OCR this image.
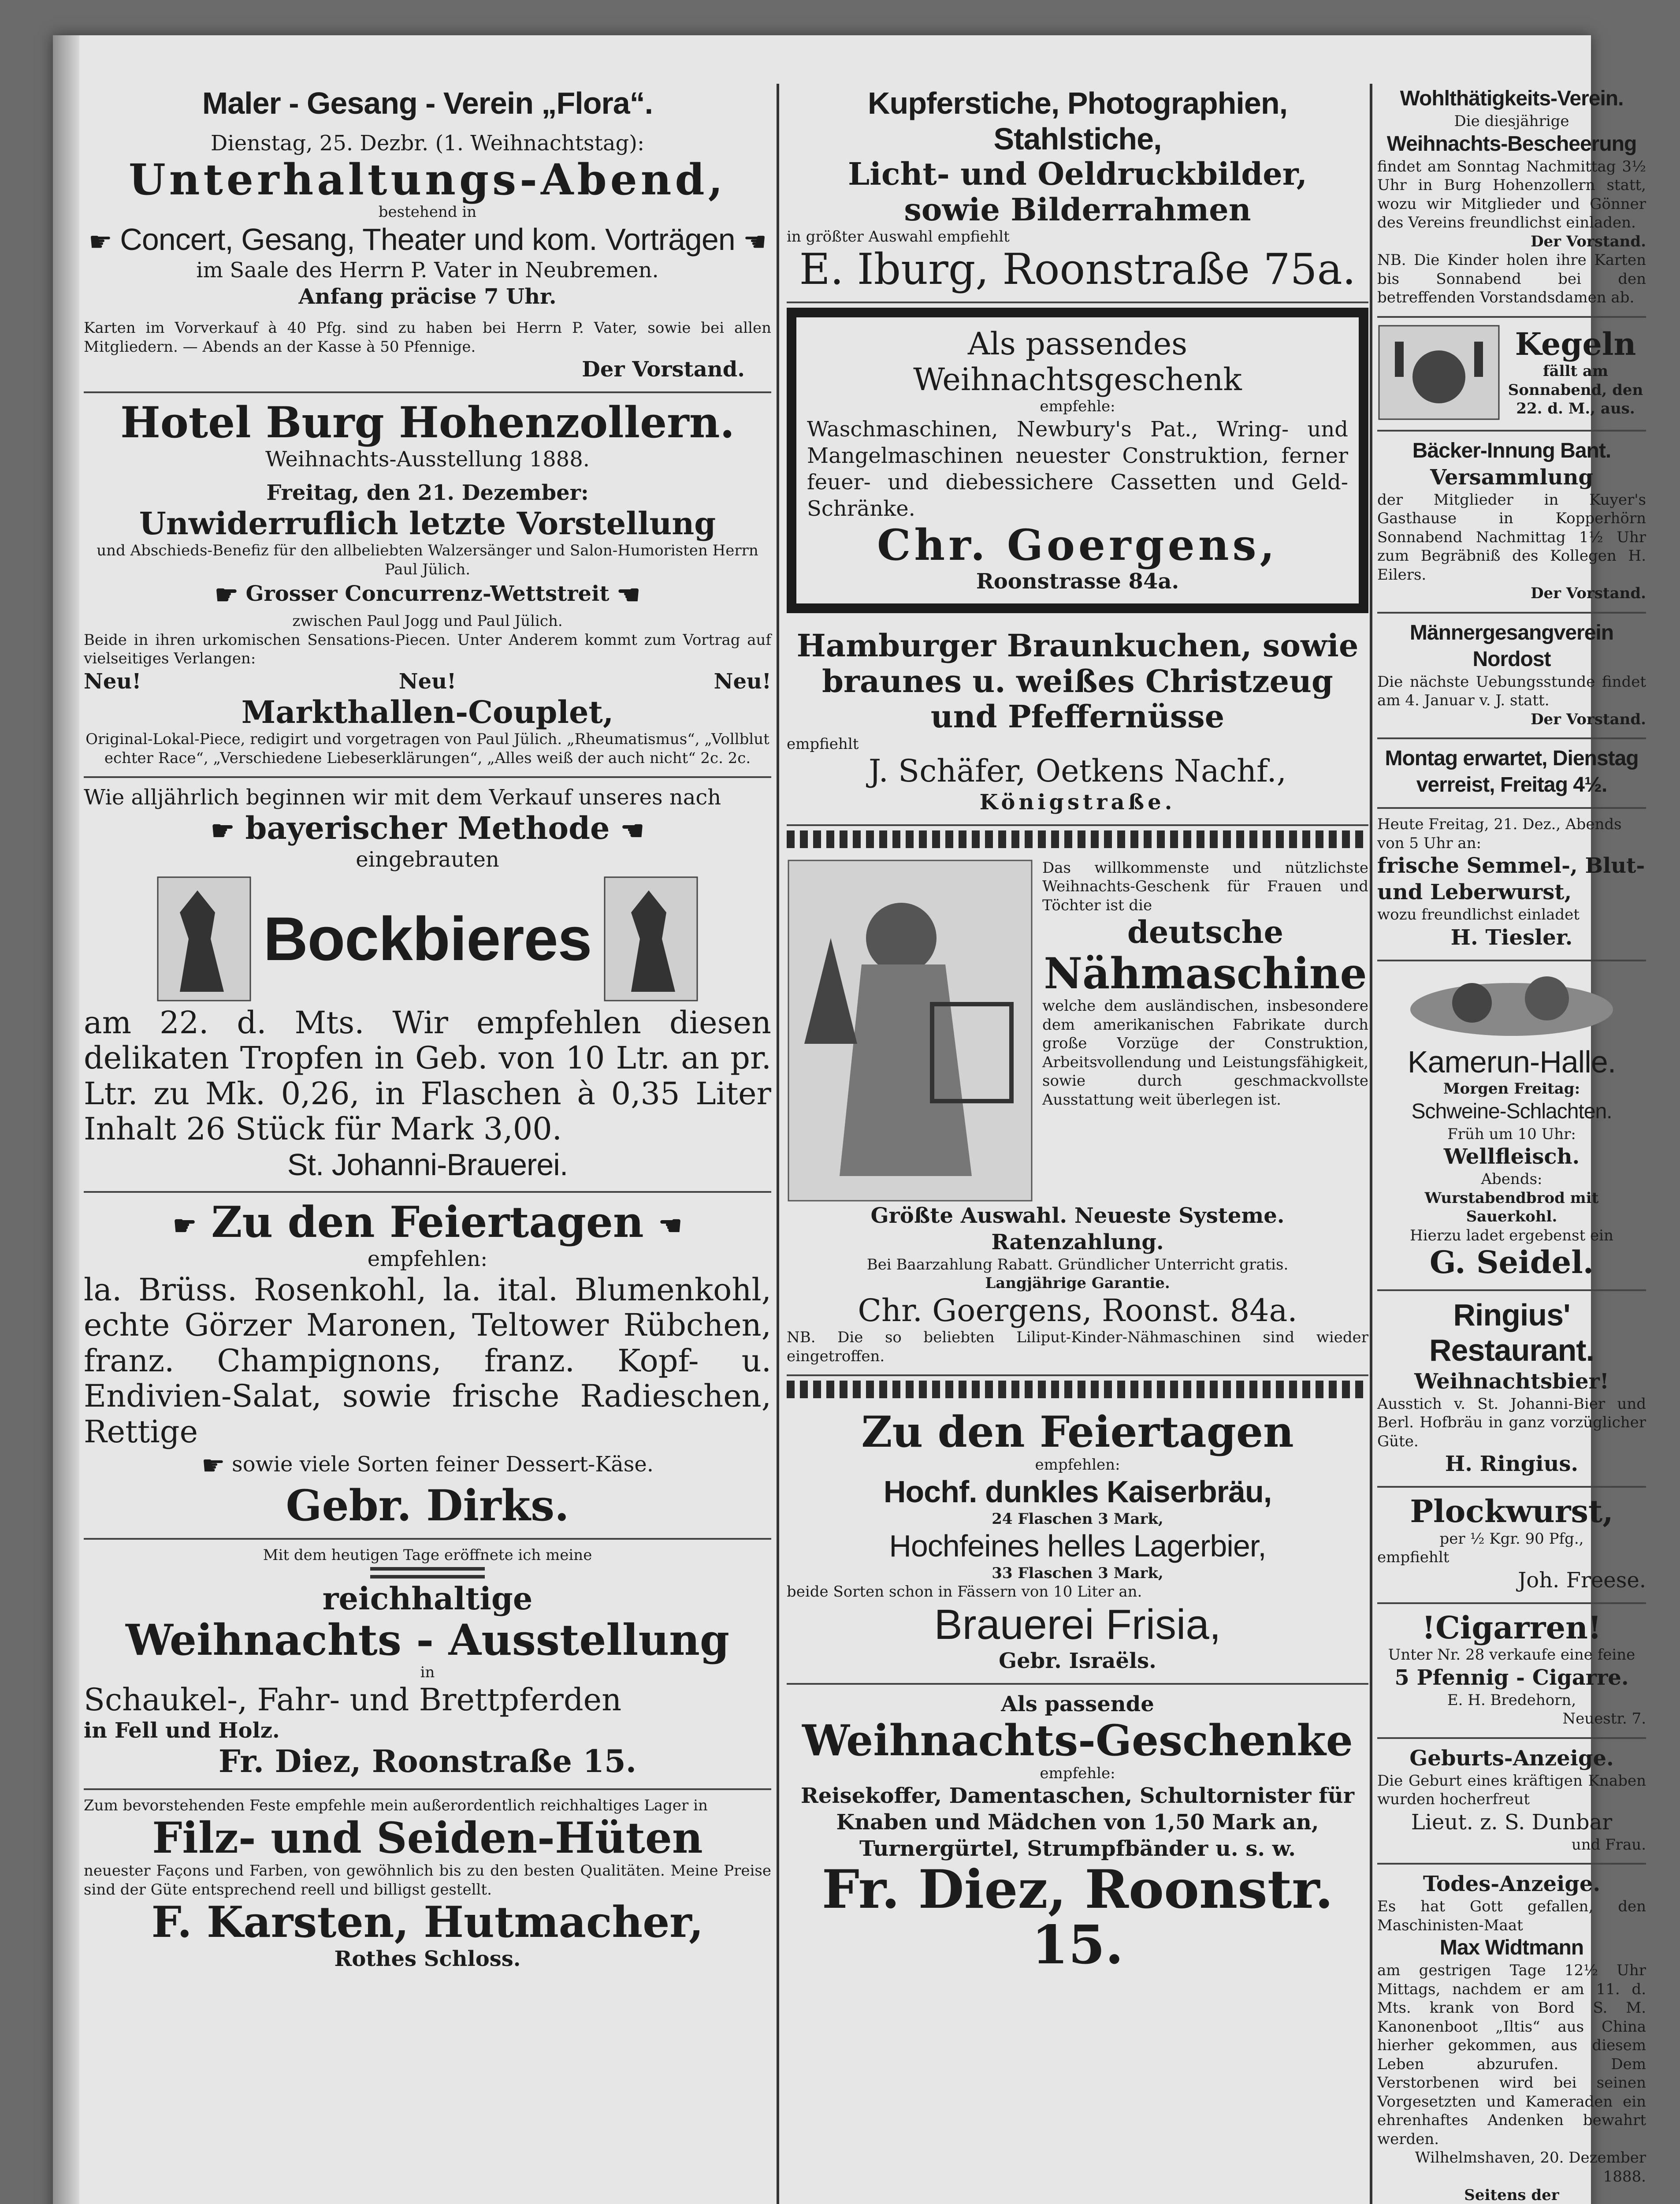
Maler - Gesang - Verein „Flora“.
Dienstag, 25. Dezbr. (1. Weihnachtstag):
Unterhaltungs-Abend,
bestehend in
☛ Concert, Gesang, Theater und kom. Vorträgen ☚
im Saale des Herrn P. Vater in Neubremen.
Anfang präcise 7 Uhr.
Karten im Vorverkauf à 40 Pfg. sind zu haben bei Herrn P. Vater, sowie bei allen Mitgliedern. — Abends an der Kasse à 50 Pfennige.
Der Vorstand.
Hotel Burg Hohenzollern.
Weihnachts-Ausstellung 1888.
Freitag, den 21. Dezember:
Unwiderruflich letzte Vorstellung
und Abschieds-Benefiz für den allbeliebten Walzersänger und Salon-Humoristen Herrn Paul Jülich.
☛ Grosser Concurrenz-Wettstreit ☚
zwischen Paul Jogg und Paul Jülich.
Beide in ihren urkomischen Sensations-Piecen. Unter Anderem kommt zum Vortrag auf vielseitiges Verlangen:
Neu!	Neu!	Neu!
Markthallen-Couplet,
Original-Lokal-Piece, redigirt und vorgetragen von Paul Jülich. „Rheumatismus“, „Vollblut echter Race“, „Verschiedene Liebeserklärungen“, „Alles weiß der auch nicht“ 2c. 2c.
Wie alljährlich beginnen wir mit dem Verkauf unseres nach
☛ bayerischer Methode ☚
eingebrauten
Bockbieres
am 22. d. Mts. Wir empfehlen diesen delikaten Tropfen in Geb. von 10 Ltr. an pr. Ltr. zu Mk. 0,26, in Flaschen à 0,35 Liter Inhalt 26 Stück für Mark 3,00.
St. Johanni-Brauerei.
☛ Zu den Feiertagen ☚
empfehlen:
la. Brüss. Rosenkohl, la. ital. Blumenkohl, echte Görzer Maronen, Teltower Rübchen, franz. Champignons, franz. Kopf- u. Endivien-Salat, sowie frische Radieschen, Rettige
☛ sowie viele Sorten feiner Dessert-Käse.
Gebr. Dirks.
Mit dem heutigen Tage eröffnete ich meine
reichhaltige
Weihnachts - Ausstellung
in
Schaukel-, Fahr- und Brettpferden
in Fell und Holz.
Fr. Diez, Roonstraße 15.
Zum bevorstehenden Feste empfehle mein außerordentlich reichhaltiges Lager in
Filz- und Seiden-Hüten
neuester Façons und Farben, von gewöhnlich bis zu den besten Qualitäten. Meine Preise sind der Güte entsprechend reell und billigst gestellt.
F. Karsten, Hutmacher,
Rothes Schloss.
Kupferstiche, Photographien, Stahlstiche,
Licht- und Oeldruckbilder,
sowie Bilderrahmen
in größter Auswahl empfiehlt
E. Iburg, Roonstraße 75a.
Als passendes Weihnachtsgeschenk
empfehle:
Waschmaschinen, Newbury's Pat., Wring- und Mangelmaschinen neuester Construktion, ferner feuer- und diebessichere Cassetten und Geld-Schränke.
Chr. Goergens,
Roonstrasse 84a.
Hamburger Braunkuchen, sowie braunes u. weißes Christzeug und Pfeffernüsse
empfiehlt
J. Schäfer, Oetkens Nachf.,
Königstraße.
Das willkommenste und nützlichste Weihnachts-Geschenk für Frauen und Töchter ist die
deutsche
Nähmaschine
welche dem ausländischen, insbesondere dem amerikanischen Fabrikate durch große Vorzüge der Construktion, Arbeitsvollendung und Leistungsfähigkeit, sowie durch geschmackvollste Ausstattung weit überlegen ist.
Größte Auswahl. Neueste Systeme.
Ratenzahlung.
Bei Baarzahlung Rabatt. Gründlicher Unterricht gratis.
Langjährige Garantie.
Chr. Goergens, Roonst. 84a.
NB. Die so beliebten Liliput-Kinder-Nähmaschinen sind wieder eingetroffen.
Zu den Feiertagen
empfehlen:
Hochf. dunkles Kaiserbräu,
24 Flaschen 3 Mark,
Hochfeines helles Lagerbier,
33 Flaschen 3 Mark,
beide Sorten schon in Fässern von 10 Liter an.
Brauerei Frisia,
Gebr. Israëls.
Als passende
Weihnachts-Geschenke
empfehle:
Reisekoffer, Damentaschen, Schultornister für Knaben und Mädchen von 1,50 Mark an, Turnergürtel, Strumpfbänder u. s. w.
Fr. Diez, Roonstr. 15.
Wohlthätigkeits-Verein.
Die diesjährige
Weihnachts-Bescheerung
findet am Sonntag Nachmittag 3½ Uhr in Burg Hohenzollern statt, wozu wir Mitglieder und Gönner des Vereins freundlichst einladen.
Der Vorstand.
NB. Die Kinder holen ihre Karten bis Sonnabend bei den betreffenden Vorstandsdamen ab.
Kegeln
fällt am Sonnabend, den 22. d. M., aus.
Bäcker-Innung Bant.
Versammlung
der Mitglieder in Kuyer's Gasthause in Kopperhörn Sonnabend Nachmittag 1½ Uhr zum Begräbniß des Kollegen H. Eilers.
Der Vorstand.
Männergesangverein Nordost
Die nächste Uebungsstunde findet am 4. Januar v. J. statt.
Der Vorstand.
Montag erwartet, Dienstag verreist, Freitag 4½.
Heute Freitag, 21. Dez., Abends von 5 Uhr an:
frische Semmel-, Blut- und Leberwurst,
wozu freundlichst einladet
H. Tiesler.
Kamerun-Halle.
Morgen Freitag:
Schweine-Schlachten.
Früh um 10 Uhr:
Wellfleisch.
Abends:
Wurstabendbrod mit Sauerkohl.
Hierzu ladet ergebenst ein
G. Seidel.
Ringius' Restaurant.
Weihnachtsbier!
Ausstich v. St. Johanni-Bier und Berl. Hofbräu in ganz vorzüglicher Güte.
H. Ringius.
Plockwurst,
per ½ Kgr. 90 Pfg.,
empfiehlt
Joh. Freese.
!Cigarren!
Unter Nr. 28 verkaufe eine feine
5 Pfennig - Cigarre.
E. H. Bredehorn,
Neuestr. 7.
Geburts-Anzeige.
Die Geburt eines kräftigen Knaben wurden hocherfreut
Lieut. z. S. Dunbar
und Frau.
Todes-Anzeige.
Es hat Gott gefallen, den Maschinisten-Maat
Max Widtmann
am gestrigen Tage 12½ Uhr Mittags, nachdem er am 11. d. Mts. krank von Bord S. M. Kanonenboot „Iltis“ aus China hierher gekommen, aus diesem Leben abzurufen. Dem Verstorbenen wird bei seinen Vorgesetzten und Kameraden ein ehrenhaftes Andenken bewahrt werden.
Wilhelmshaven, 20. Dezember 1888.
Seitens der
